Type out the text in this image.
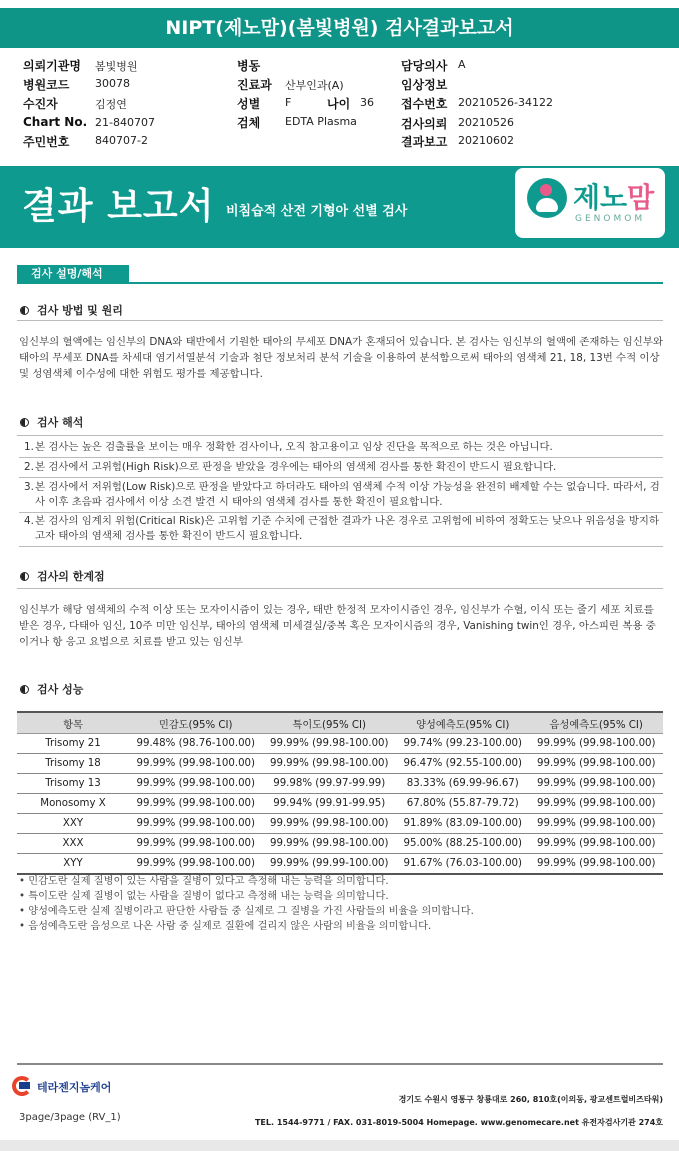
NIPT(제노맘)(봄빛병원) 검사결과보고서
의뢰기관명 봄빛병원
병원코드 30078
수진자	김정연
Chart No. 21-840707
주민번호 840707-2
병동
진료과 산부인과(A)
성별 F	나이 36
검체 EDTA Plasma
담당의사 A
임상정보
접수번호 20210526-34122
검사의뢰 20210526
결과보고 20210602
결과 보고서 비침습적 산전 기형아 선별 검사	제노맘
GENOMOM
검사 설명/해석
검사 방법 및 원리
임신부의 혈액에는 임신부의 DNA와 태반에서 기원한 태아의 무세포 DNA가 혼재되어 있습니다. 본 검사는 임신부의 혈액에 존재하는 임신부와 태아의 무세포 DNA를 차세대 염기서열분석 기술과 첨단 정보처리 분석 기술을 이용하여 분석함으로써 태아의 염색체 21, 18, 13번 수적 이상 및 성염색체 이수성에 대한 위험도 평가를 제공합니다.
검사 해석
1. 본 검사는 높은 검출률을 보이는 매우 정확한 검사이나, 오직 참고용이고 임상 진단을 목적으로 하는 것은 아닙니다.
2. 본 검사에서 고위험(High Risk)으로 판정을 받았을 경우에는 태아의 염색체 검사를 통한 확진이 반드시 필요합니다.
3. 본 검사에서 저위험(Low Risk)으로 판정을 받았다고 하더라도 태아의 염색체 수적 이상 가능성을 완전히 배제할 수는 없습니다. 따라서, 검사 이후 초음파 검사에서 이상 소견 발견 시 태아의 염색체 검사를 통한 확진이 필요합니다.
4. 본 검사의 임계치 위험(Critical Risk)은 고위험 기준 수치에 근접한 결과가 나온 경우로 고위험에 비하여 정확도는 낮으나 위음성을 방지하고자 태아의 염색체 검사를 통한 확진이 반드시 필요합니다.
검사의 한계점
임신부가 해당 염색체의 수적 이상 또는 모자이시즘이 있는 경우, 태반 한정적 모자이시즘인 경우, 임신부가 수혈, 이식 또는 줄기 세포 치료를 받은 경우, 다태아 임신, 10주 미만 임신부, 태아의 염색체 미세결실/중복 혹은 모자이시즘의 경우, Vanishing twin인 경우, 아스피린 복용 중이거나 항 응고 요법으로 치료를 받고 있는 임신부
검사 성능
항목	민감도(95% CI)	특이도(95% CI)	양성예측도(95% CI)	음성예측도(95% CI)
Trisomy 21	99.48% (98.76-100.00)	99.99% (99.98-100.00)	99.74% (99.23-100.00)	99.99% (99.98-100.00)
Trisomy 18	99.99% (99.98-100.00)	99.99% (99.98-100.00)	96.47% (92.55-100.00)	99.99% (99.98-100.00)
Trisomy 13	99.99% (99.98-100.00)	99.98% (99.97-99.99)	83.33% (69.99-96.67)	99.99% (99.98-100.00)
Monosomy X	99.99% (99.98-100.00)	99.94% (99.91-99.95)	67.80% (55.87-79.72)	99.99% (99.98-100.00)
XXY	99.99% (99.98-100.00)	99.99% (99.98-100.00)	91.89% (83.09-100.00)	99.99% (99.98-100.00)
XXX	99.99% (99.98-100.00)	99.99% (99.98-100.00)	95.00% (88.25-100.00)	99.99% (99.98-100.00)
XYY	99.99% (99.98-100.00)	99.99% (99.99-100.00)	91.67% (76.03-100.00)	99.99% (99.98-100.00)
• 민감도란 실제 질병이 있는 사람을 질병이 있다고 측정해 내는 능력을 의미합니다.
• 특이도란 실제 질병이 없는 사람을 질병이 없다고 측정해 내는 능력을 의미합니다.
• 양성예측도란 실제 질병이라고 판단한 사람들 중 실제로 그 질병을 가진 사람들의 비율을 의미합니다.
• 음성예측도란 음성으로 나온 사람 중 실제로 질환에 걸리지 않은 사람의 비율을 의미합니다.
테라젠지놈케어
3page/3page (RV_1)
경기도 수원시 영통구 창룡대로 260, 810호(이의동, 광교센트럴비즈타워)
TEL. 1544-9771 / FAX. 031-8019-5004 Homepage. www.genomecare.net 유전자검사기관 274호
